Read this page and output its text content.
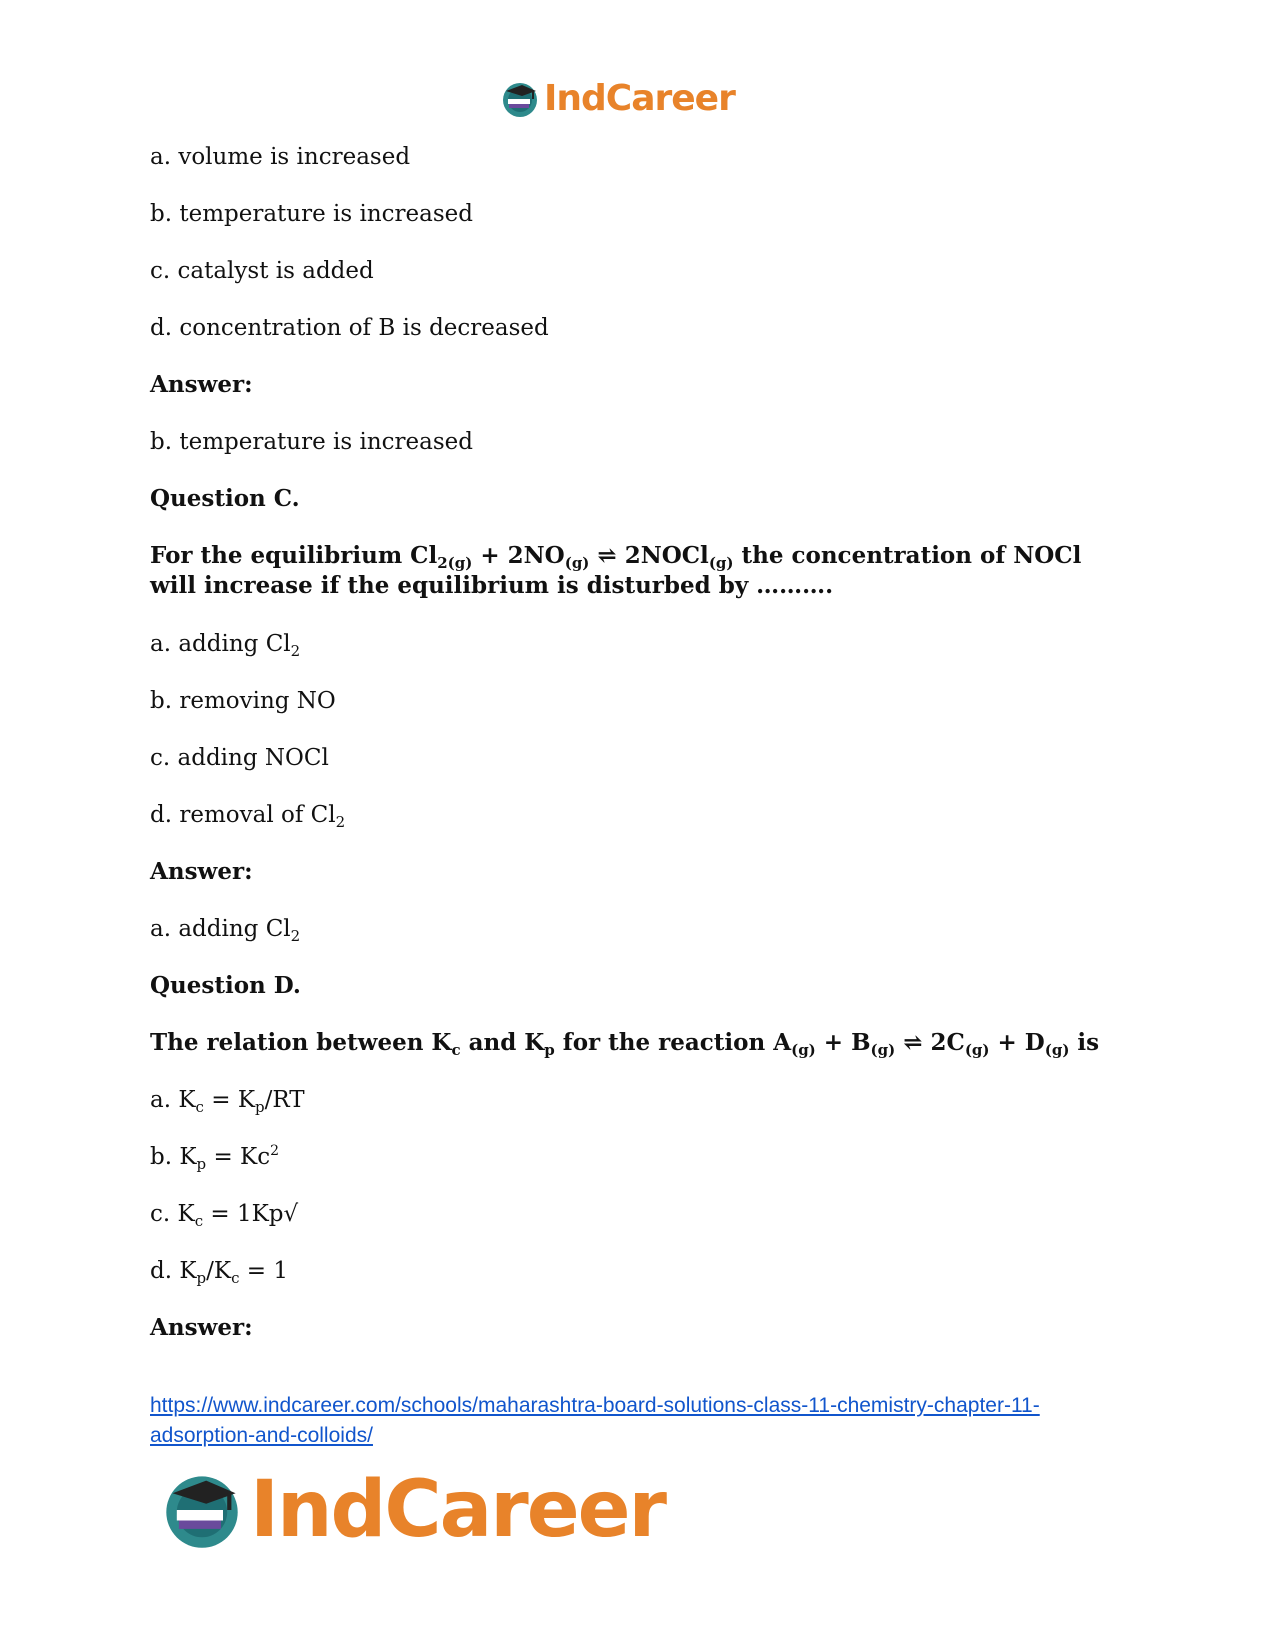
IndCareer
a. volume is increased
b. temperature is increased
c. catalyst is added
d. concentration of B is decreased
Answer:
b. temperature is increased
Question C.
For the equilibrium $Cl_{2(g)} + 2NO_{(g)}$ ⇌ 2NOCl$_{(g)}$ the concentration of NOCl will increase if the equilibrium is disturbed by ……….
a. adding $Cl_2$
b. removing NO
c. adding NOCl
d. removal of $Cl_2$
Answer:
a. adding $Cl_2$
Question D.
The relation between $K_c$ and $K_p$ for the reaction $A_{(g)} + B_{(g)}$ ⇌ $2C_{(g)} + D_{(g)}$ is
a. $K_c = K_p/RT$
b. $K_p = Kc^2$
c. $K_c = 1Kp√$
d. $K_p/K_c = 1$
Answer:
https://www.indcareer.com/schools/maharashtra-board-solutions-class-11-chemistry-chapter-11-adsorption-and-colloids/
IndCareer
